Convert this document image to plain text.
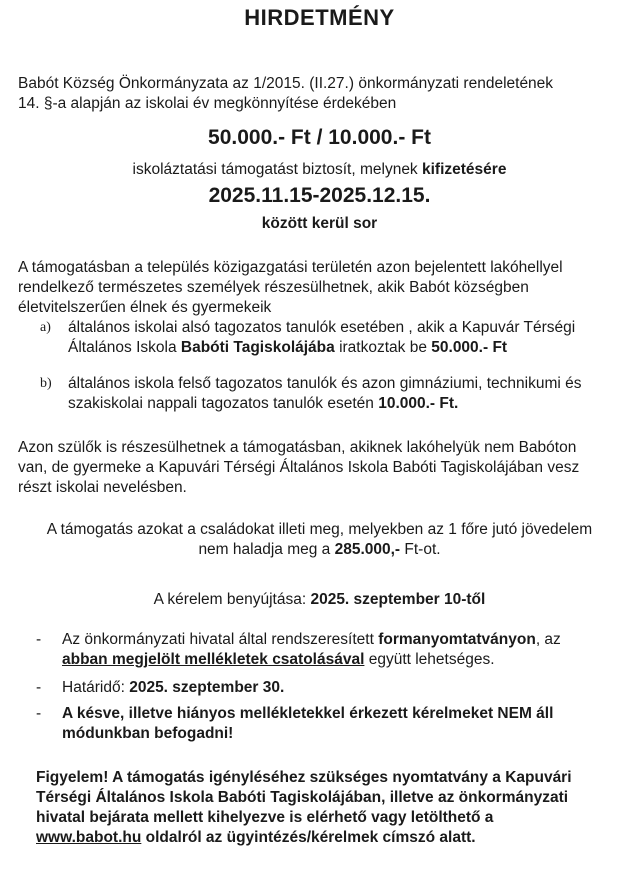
HIRDETMÉNY
Babót Község Önkormányzata az 1/2015. (II.27.) önkormányzati rendeletének
14. §-a alapján az iskolai év megkönnyítése érdekében
50.000.- Ft / 10.000.- Ft
iskoláztatási támogatást biztosít, melynek kifizetésére
2025.11.15-2025.12.15.
között kerül sor
A támogatásban a település közigazgatási területén azon bejelentett lakóhellyel
rendelkező természetes személyek részesülhetnek, akik Babót községben
életvitelszerűen élnek és gyermekeik
a) általános iskolai alsó tagozatos tanulók esetében , akik a Kapuvár Térségi
Általános Iskola Babóti Tagiskolájába iratkoztak be 50.000.- Ft
b) általános iskola felső tagozatos tanulók és azon gimnáziumi, technikumi és
szakiskolai nappali tagozatos tanulók esetén 10.000.- Ft.
Azon szülők is részesülhetnek a támogatásban, akiknek lakóhelyük nem Babóton
van, de gyermeke a Kapuvári Térségi Általános Iskola Babóti Tagiskolájában vesz
részt iskolai nevelésben.
A támogatás azokat a családokat illeti meg, melyekben az 1 főre jutó jövedelem
nem haladja meg a 285.000,- Ft-ot.
A kérelem benyújtása: 2025. szeptember 10-től
- Az önkormányzati hivatal által rendszeresített formanyomtatványon, az
abban megjelölt mellékletek csatolásával együtt lehetséges.
- Határidő: 2025. szeptember 30.
- A késve, illetve hiányos mellékletekkel érkezett kérelmeket NEM áll
módunkban befogadni!
Figyelem! A támogatás igényléséhez szükséges nyomtatvány a Kapuvári
Térségi Általános Iskola Babóti Tagiskolájában, illetve az önkormányzati
hivatal bejárata mellett kihelyezve is elérhető vagy letölthető a
www.babot.hu oldalról az ügyintézés/kérelmek címszó alatt.
